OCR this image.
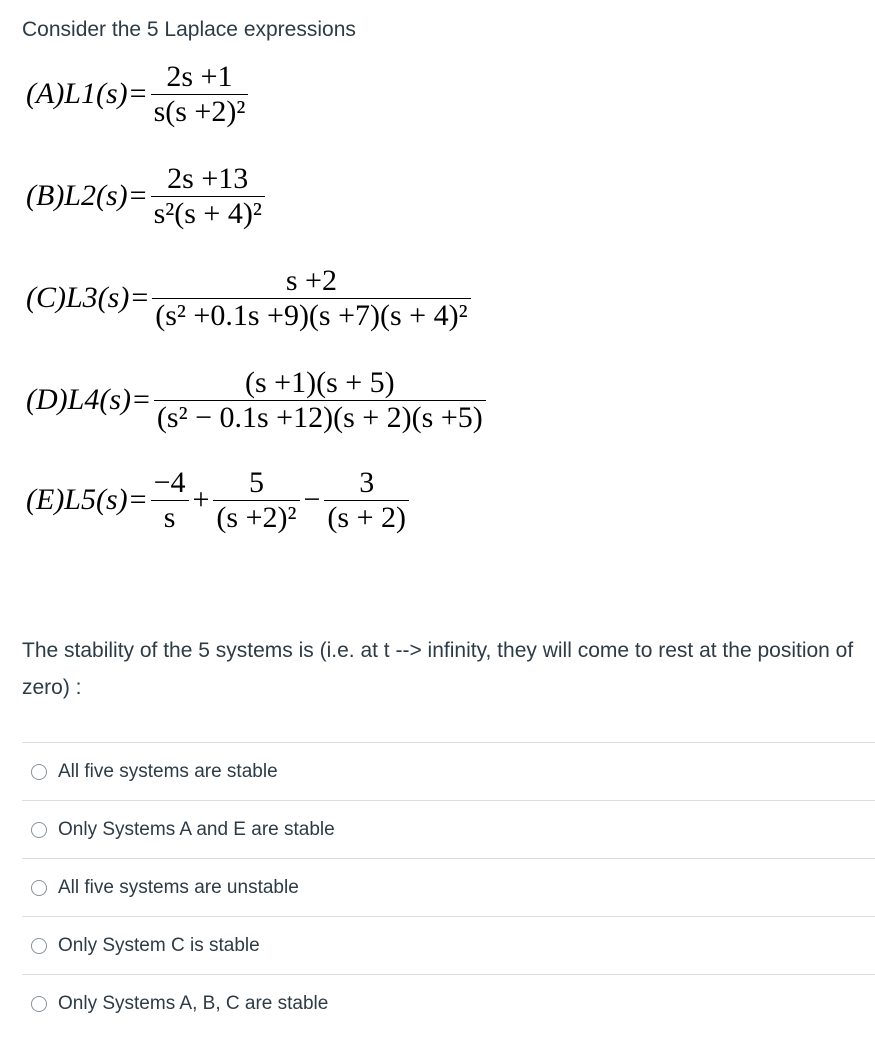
Consider the 5 Laplace expressions

$(A)L1(s) = \frac{2s +1}{\text{s(s +2)²}}$
$(B)L2(s) = \frac{2s +13}{\text{s²(s + 4)²}}$
$(C)L3(s) = \frac{s +2}{\text{(s² +0.1s +9)(s +7)(s + 4)²}}$
$(D)L4(s) = \frac{(s +1)(s + 5)}{\text{(s² − 0.1s +12)(s + 2)(s +5)}}$
$(E)L5(s) = \frac{-4}{s} + \frac{5}{\text{(s +2)²}} - \frac{3}{(s + 2)}$

The stability of the 5 systems is (i.e. at t --> infinity, they will come to rest at the position of zero) :

All five systems are stable
Only Systems A and E are stable
All five systems are unstable
Only System C is stable
Only Systems A, B, C are stable
